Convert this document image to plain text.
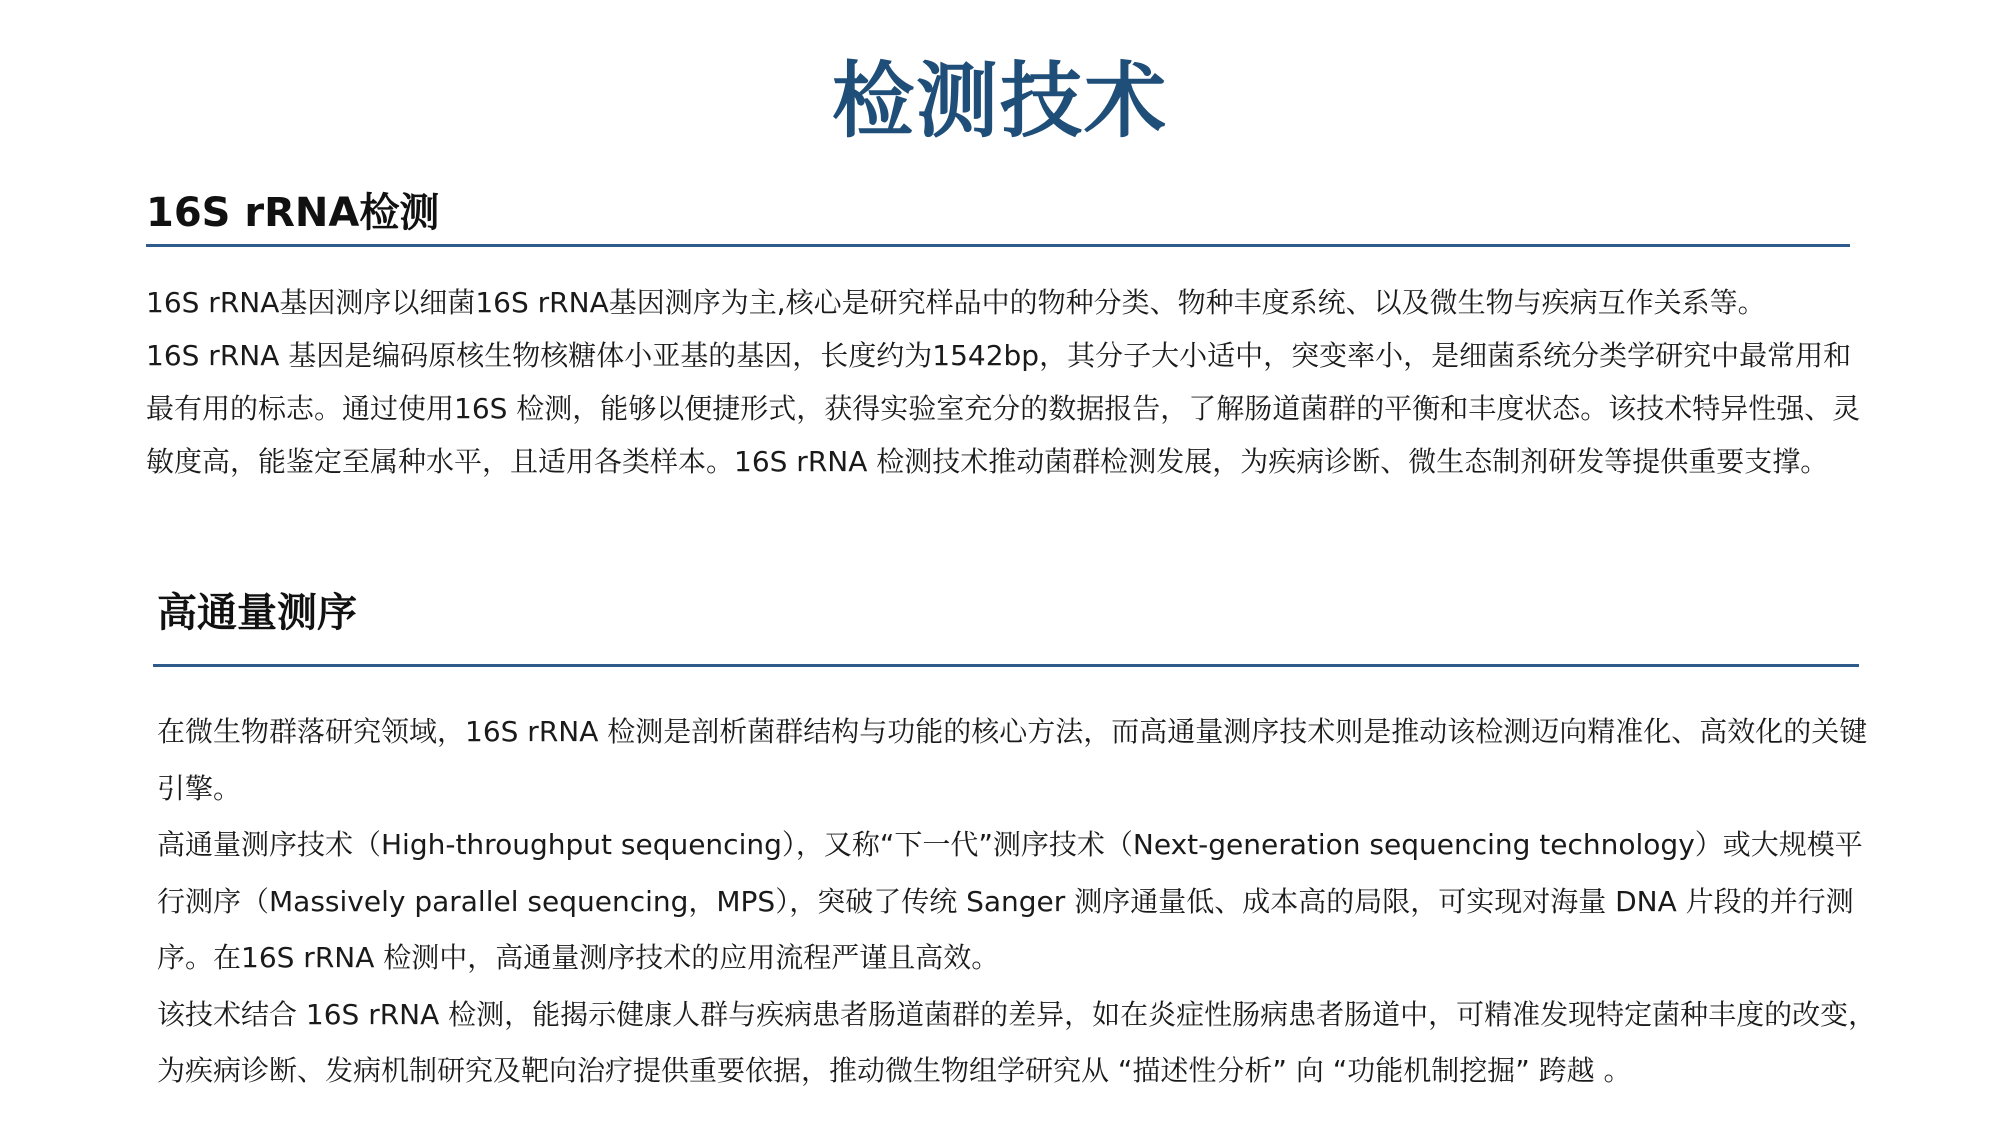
检测技术
16S rRNA检测

16S rRNA基因测序以细菌16S rRNA基因测序为主,核心是研究样品中的物种分类、物种丰度系统、以及微生物与疾病互作关系等。

16S rRNA 基因是编码原核生物核糖体小亚基的基因，长度约为1542bp，其分子大小适中，突变率小，是细菌系统分类学研究中最常用和最有用的标志。通过使用16S 检测，能够以便捷形式，获得实验室充分的数据报告，了解肠道菌群的平衡和丰度状态。该技术特异性强、灵敏度高，能鉴定至属种水平，且适用各类样本。16S rRNA 检测技术推动菌群检测发展，为疾病诊断、微生态制剂研发等提供重要支撑。

高通量测序

在微生物群落研究领域，16S rRNA 检测是剖析菌群结构与功能的核心方法，而高通量测序技术则是推动该检测迈向精准化、高效化的关键引擎。

高通量测序技术（High-throughput sequencing），又称“下一代”测序技术（Next-generation sequencing technology）或大规模平行测序（Massively parallel sequencing，MPS），突破了传统 Sanger 测序通量低、成本高的局限，可实现对海量 DNA 片段的并行测序。在16S rRNA 检测中，高通量测序技术的应用流程严谨且高效。

该技术结合 16S rRNA 检测，能揭示健康人群与疾病患者肠道菌群的差异，如在炎症性肠病患者肠道中，可精准发现特定菌种丰度的改变，为疾病诊断、发病机制研究及靶向治疗提供重要依据，推动微生物组学研究从 “描述性分析” 向 “功能机制挖掘” 跨越 。
